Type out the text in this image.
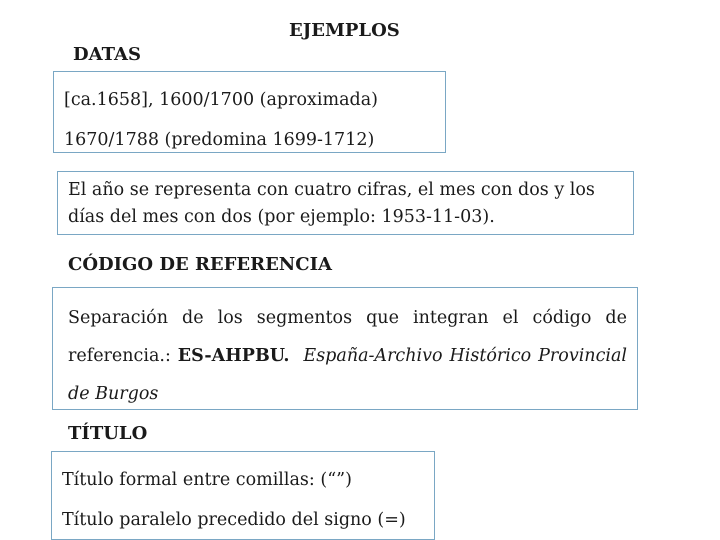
EJEMPLOS
DATAS
[ca.1658], 1600/1700 (aproximada)
1670/1788 (predomina 1699-1712)
El año se representa con cuatro cifras, el mes con dos y los
días del mes con dos (por ejemplo: 1953-11-03).
CÓDIGO DE REFERENCIA
Separación de los segmentos que integran el código de referencia.: ES-AHPBU. España-Archivo Histórico Provincial de Burgos
TÍTULO
Título formal entre comillas: (“”)
Título paralelo precedido del signo (=)
